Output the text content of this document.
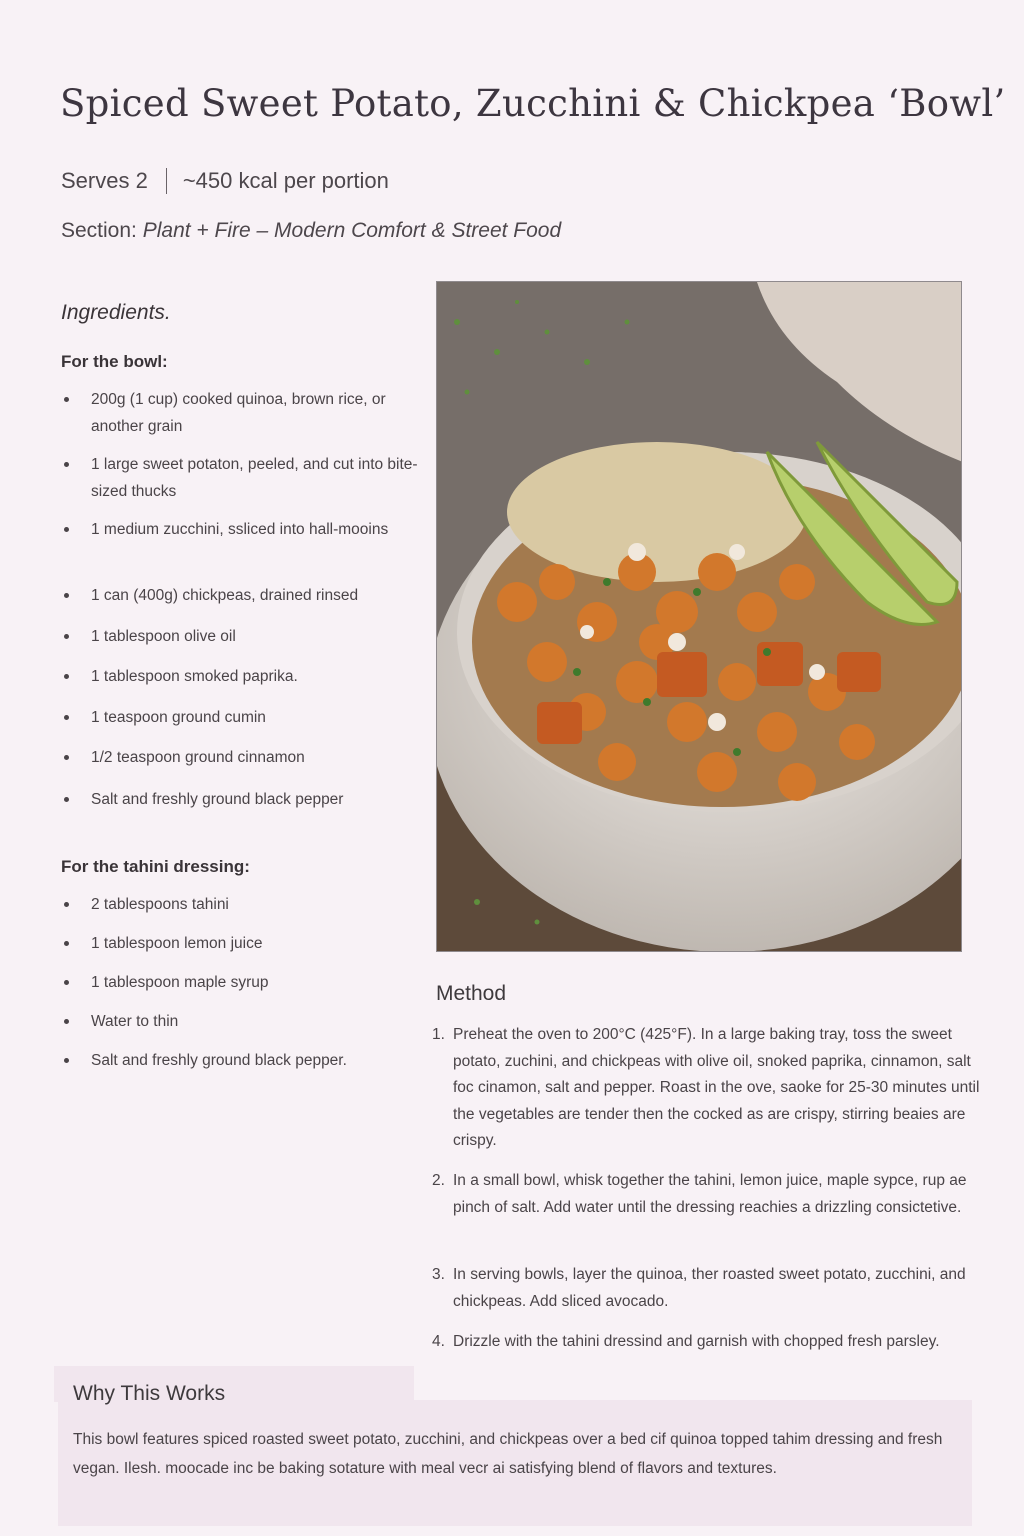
Spiced Sweet Potato, Zucchini & Chickpea ‘Bowl’
Serves 2 ~450 kcal per portion
Section: Plant + Fire – Modern Comfort & Street Food
Ingredients.
For the bowl:
200g (1 cup) cooked quinoa, brown rice, or another grain
1 large sweet potaton, peeled, and cut into bite-sized thucks
1 medium zucchini, ssliced into hall-mooins
1 can (400g) chickpeas, drained rinsed
1 tablespoon olive oil
1 tablespoon smoked paprika.
1 teaspoon ground cumin
1/2 teaspoon ground cinnamon
Salt and freshly ground black pepper
For the tahini dressing:
2 tablespoons tahini
1 tablespoon lemon juice
1 tablespoon maple syrup
Water to thin
Salt and freshly ground black pepper.
Method
1. Preheat the oven to 200°C (425°F). In a large baking tray, toss the sweet potato, zuchini, and chickpeas with olive oil, snoked paprika, cinnamon, salt foc cinamon, salt and pepper. Roast in the ove, saoke for 25-30 minutes until the vegetables are tender then the cocked as are crispy, stirring beaies are crispy.
2. In a small bowl, whisk together the tahini, lemon juice, maple sypce, rup ae pinch of salt. Add water until the dressing reachies a drizzling consictetive.
3. In serving bowls, layer the quinoa, ther roasted sweet potato, zucchini, and chickpeas. Add sliced avocado.
4. Drizzle with the tahini dressind and garnish with chopped fresh parsley.
Why This Works

This bowl features spiced roasted sweet potato, zucchini, and chickpeas over a bed cif quinoa topped tahim dressing and fresh vegan. Ilesh. moocade inc be baking sotature with meal vecr ai satisfying blend of flavors and textures.
